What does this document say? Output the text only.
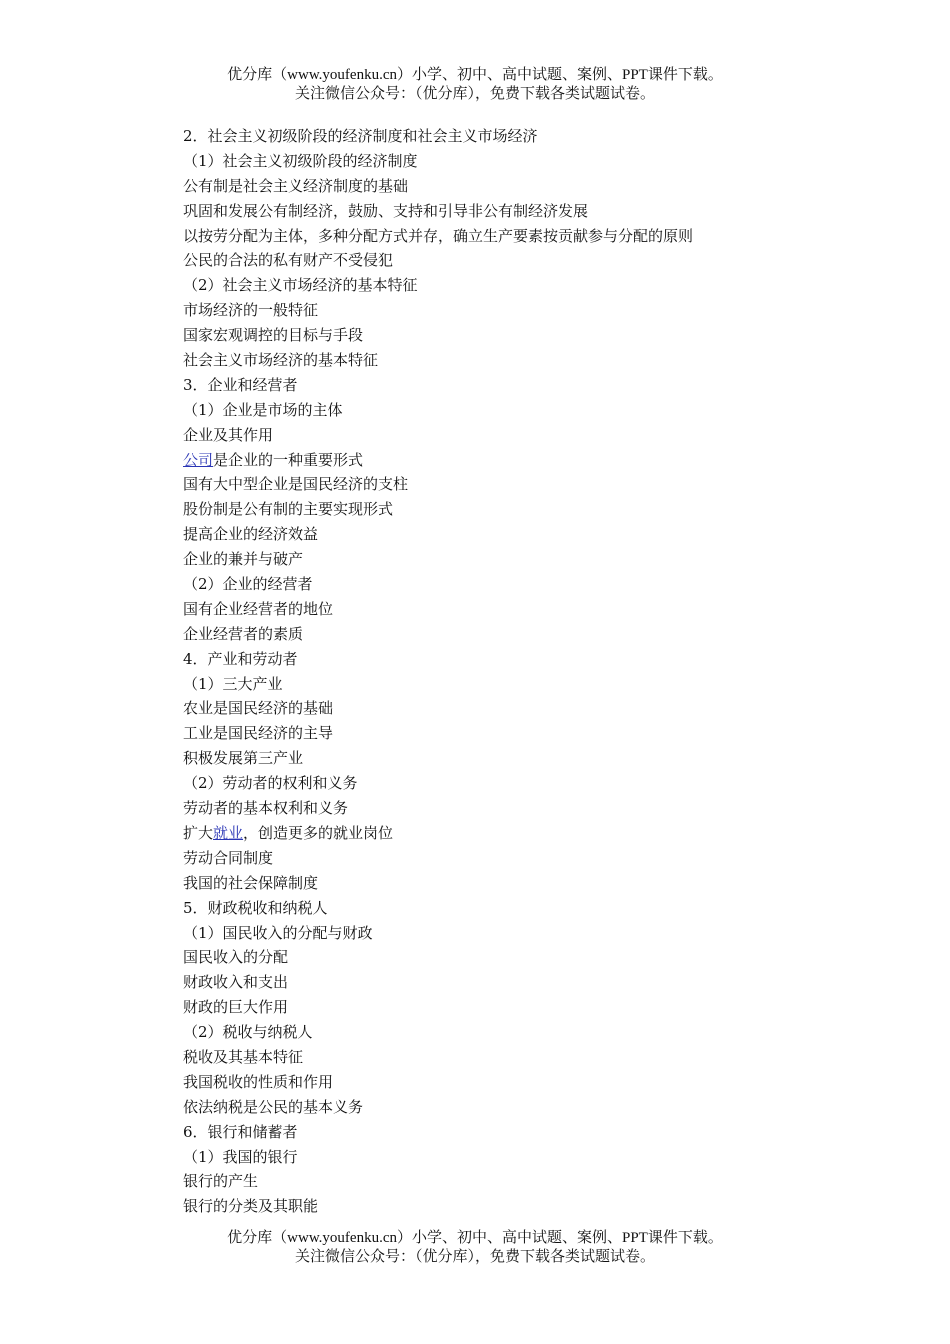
优分库（www.youfenku.cn）小学、初中、高中试题、案例、PPT课件下载。
关注微信公众号：（优分库），免费下载各类试题试卷。
2．社会主义初级阶段的经济制度和社会主义市场经济
（1）社会主义初级阶段的经济制度
公有制是社会主义经济制度的基础
巩固和发展公有制经济，鼓励、支持和引导非公有制经济发展
以按劳分配为主体，多种分配方式并存，确立生产要素按贡献参与分配的原则
公民的合法的私有财产不受侵犯
（2）社会主义市场经济的基本特征
市场经济的一般特征
国家宏观调控的目标与手段
社会主义市场经济的基本特征
3．企业和经营者
（1）企业是市场的主体
企业及其作用
公司是企业的一种重要形式
国有大中型企业是国民经济的支柱
股份制是公有制的主要实现形式
提高企业的经济效益
企业的兼并与破产
（2）企业的经营者
国有企业经营者的地位
企业经营者的素质
4．产业和劳动者
（1）三大产业
农业是国民经济的基础
工业是国民经济的主导
积极发展第三产业
（2）劳动者的权利和义务
劳动者的基本权利和义务
扩大就业，创造更多的就业岗位
劳动合同制度
我国的社会保障制度
5．财政税收和纳税人
（1）国民收入的分配与财政
国民收入的分配
财政收入和支出
财政的巨大作用
（2）税收与纳税人
税收及其基本特征
我国税收的性质和作用
依法纳税是公民的基本义务
6．银行和储蓄者
（1）我国的银行
银行的产生
银行的分类及其职能
优分库（www.youfenku.cn）小学、初中、高中试题、案例、PPT课件下载。
关注微信公众号：（优分库），免费下载各类试题试卷。
